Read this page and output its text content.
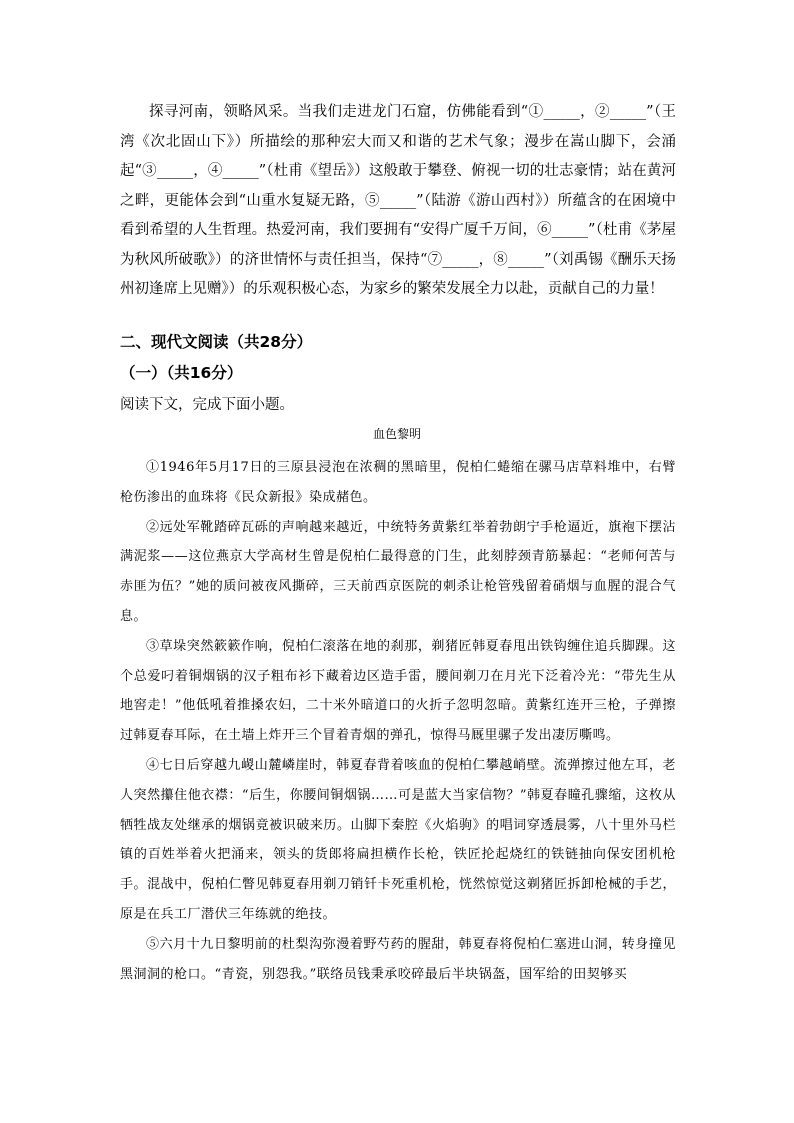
探寻河南，领略风采。当我们走进龙门石窟，仿佛能看到“①_____，②_____”（王湾《次北固山下》）所描绘的那种宏大而又和谐的艺术气象；漫步在嵩山脚下，会涌起“③_____，④_____”（杜甫《望岳》）这般敢于攀登、俯视一切的壮志豪情；站在黄河之畔，更能体会到“山重水复疑无路，⑤_____”（陆游《游山西村》）所蕴含的在困境中看到希望的人生哲理。热爱河南，我们要拥有“安得广厦千万间，⑥_____”（杜甫《茅屋为秋风所破歌》）的济世情怀与责任担当，保持“⑦_____，⑧_____”（刘禹锡《酬乐天扬州初逢席上见赠》）的乐观积极心态，为家乡的繁荣发展全力以赴，贡献自己的力量！

二、现代文阅读（共28分）
（一）（共16分）

阅读下文，完成下面小题。

血色黎明

①1946年5月17日的三原县浸泡在浓稠的黑暗里，倪柏仁蜷缩在骡马店草料堆中，右臂枪伤渗出的血珠将《民众新报》染成赭色。

②远处军靴踏碎瓦砾的声响越来越近，中统特务黄紫红举着勃朗宁手枪逼近，旗袍下摆沾满泥浆——这位燕京大学高材生曾是倪柏仁最得意的门生，此刻脖颈青筋暴起：“老师何苦与赤匪为伍？”她的质问被夜风撕碎，三天前西京医院的刺杀让枪管残留着硝烟与血腥的混合气息。

③草垛突然簌簌作响，倪柏仁滚落在地的刹那，剃猪匠韩夏春甩出铁钩缠住追兵脚踝。这个总爱叼着铜烟锅的汉子粗布衫下藏着边区造手雷，腰间剃刀在月光下泛着冷光：“带先生从地窖走！”他低吼着推搡农妇，二十米外暗道口的火折子忽明忽暗。黄紫红连开三枪，子弹擦过韩夏春耳际，在土墙上炸开三个冒着青烟的弹孔，惊得马厩里骡子发出凄厉嘶鸣。

④七日后穿越九嵕山麓嶙崖时，韩夏春背着咳血的倪柏仁攀越峭壁。流弹擦过他左耳，老人突然攥住他衣襟：“后生，你腰间铜烟锅……可是蓝大当家信物？”韩夏春瞳孔骤缩，这枚从牺牲战友处继承的烟锅竟被识破来历。山脚下秦腔《火焰驹》的唱词穿透晨雾，八十里外马栏镇的百姓举着火把涌来，领头的货郎将扁担横作长枪，铁匠抡起烧红的铁链抽向保安团机枪手。混战中，倪柏仁瞥见韩夏春用剃刀销钎卡死重机枪，恍然惊觉这剃猪匠拆卸枪械的手艺，原是在兵工厂潜伏三年练就的绝技。

⑤六月十九日黎明前的杜梨沟弥漫着野芍药的腥甜，韩夏春将倪柏仁塞进山洞，转身撞见黑洞洞的枪口。“青瓷，别怨我。”联络员钱秉承咬碎最后半块锅盔，国军给的田契够买
